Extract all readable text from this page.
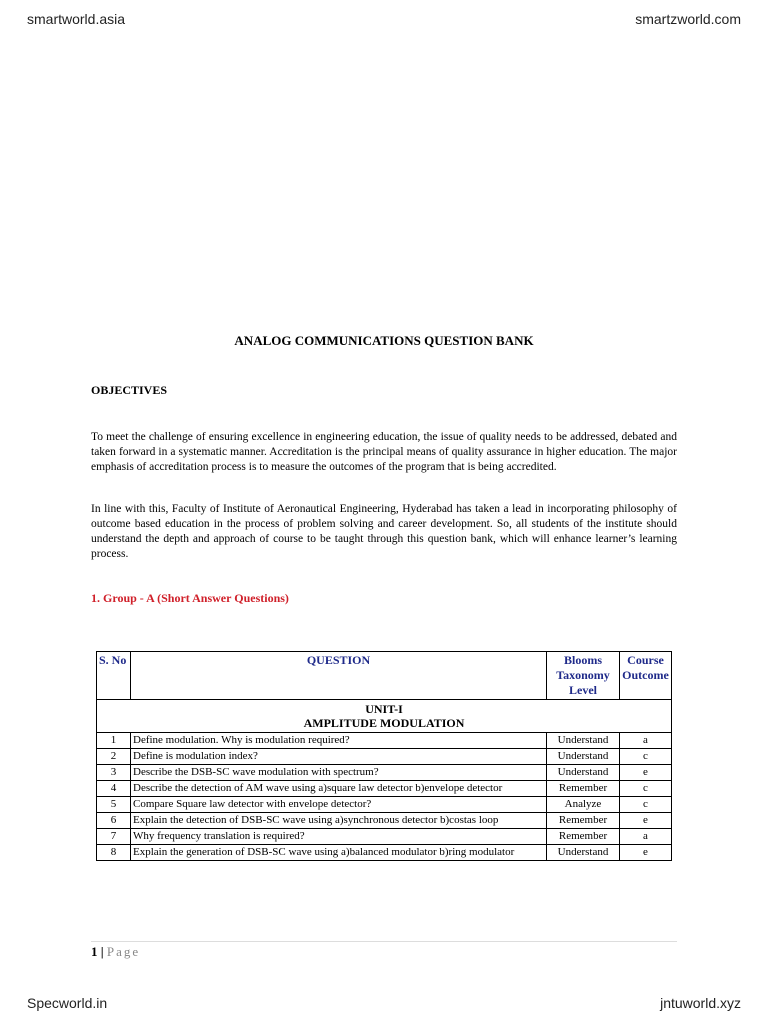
smartworld.asia	smartzworld.com
ANALOG COMMUNICATIONS QUESTION BANK
OBJECTIVES
To meet the challenge of ensuring excellence in engineering education, the issue of quality needs to be addressed, debated and taken forward in a systematic manner. Accreditation is the principal means of quality assurance in higher education. The major emphasis of accreditation process is to measure the outcomes of the program that is being accredited.
In line with this, Faculty of Institute of Aeronautical Engineering, Hyderabad has taken a lead in incorporating philosophy of outcome based education in the process of problem solving and career development. So, all students of the institute should understand the depth and approach of course to be taught through this question bank, which will enhance learner’s learning process.
1. Group - A (Short Answer Questions)
S. No	QUESTION	Blooms Taxonomy Level	Course Outcome

UNIT-I
AMPLITUDE MODULATION			

1	Define modulation. Why is modulation required?	Understand	a
2	Define is modulation index?	Understand	c
3	Describe the DSB-SC wave modulation with spectrum?	Understand	e
4	Describe the detection of AM wave using a)square law detector b)envelope detector	Remember	c
5	Compare Square law detector with envelope detector?	Analyze	c
6	Explain the detection of DSB-SC wave using a)synchronous detector b)costas loop	Remember	e
7	Why frequency translation is required?	Remember	a
8	Explain the generation of DSB-SC wave using a)balanced modulator b)ring modulator	Understand	e
1 | Page
Specworld.in	jntuworld.xyz
